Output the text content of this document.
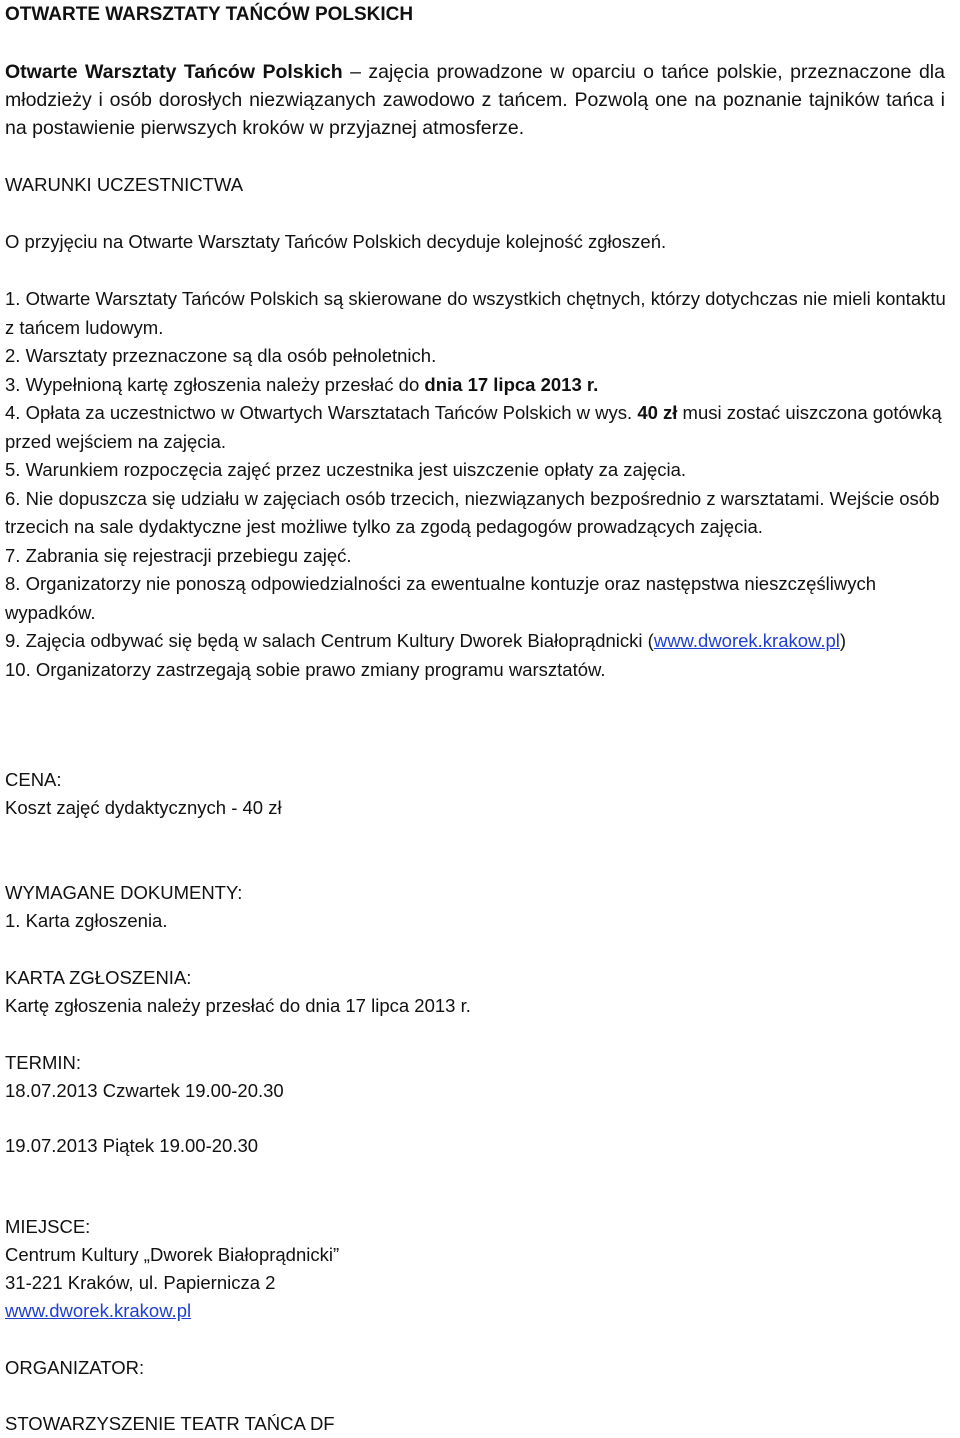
OTWARTE WARSZTATY TAŃCÓW POLSKICH
Otwarte Warsztaty Tańców Polskich – zajęcia prowadzone w oparciu o tańce polskie, przeznaczone dla młodzieży i osób dorosłych niezwiązanych zawodowo z tańcem. Pozwolą one na poznanie tajników tańca i na postawienie pierwszych kroków w przyjaznej atmosferze.
WARUNKI UCZESTNICTWA
O przyjęciu na Otwarte Warsztaty Tańców Polskich decyduje kolejność zgłoszeń.
1. Otwarte Warsztaty Tańców Polskich są skierowane do wszystkich chętnych, którzy dotychczas nie mieli kontaktu z tańcem ludowym.
2. Warsztaty przeznaczone są dla osób pełnoletnich.
3. Wypełnioną kartę zgłoszenia należy przesłać do dnia 17 lipca 2013 r.
4. Opłata za uczestnictwo w Otwartych Warsztatach Tańców Polskich w wys. 40 zł musi zostać uiszczona gotówką przed wejściem na zajęcia.
5. Warunkiem rozpoczęcia zajęć przez uczestnika jest uiszczenie opłaty za zajęcia.
6. Nie dopuszcza się udziału w zajęciach osób trzecich, niezwiązanych bezpośrednio z warsztatami. Wejście osób trzecich na sale dydaktyczne jest możliwe tylko za zgodą pedagogów prowadzących zajęcia.
7. Zabrania się rejestracji przebiegu zajęć.
8. Organizatorzy nie ponoszą odpowiedzialności za ewentualne kontuzje oraz następstwa nieszczęśliwych wypadków.
9. Zajęcia odbywać się będą w salach Centrum Kultury Dworek Białoprądnicki (www.dworek.krakow.pl)
10. Organizatorzy zastrzegają sobie prawo zmiany programu warsztatów.
CENA:
Koszt zajęć dydaktycznych - 40 zł
WYMAGANE DOKUMENTY:
1. Karta zgłoszenia.
KARTA ZGŁOSZENIA:
Kartę zgłoszenia należy przesłać do dnia 17 lipca 2013 r.
TERMIN:
18.07.2013 Czwartek 19.00-20.30
19.07.2013 Piątek 19.00-20.30
MIEJSCE:
Centrum Kultury „Dworek Białoprądnicki”
31-221 Kraków, ul. Papiernicza 2
www.dworek.krakow.pl
ORGANIZATOR:
STOWARZYSZENIE TEATR TAŃCA DF
